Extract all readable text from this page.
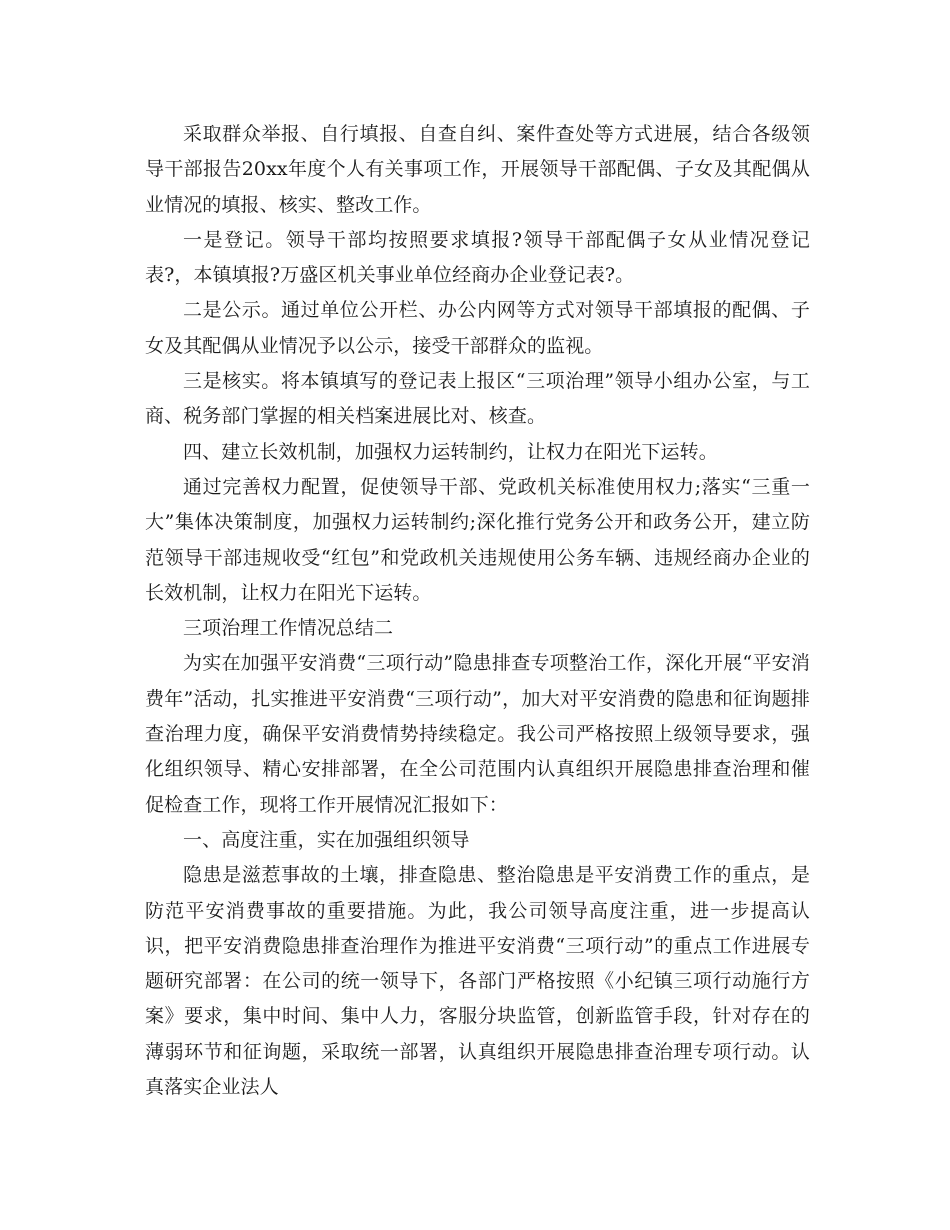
采取群众举报、自行填报、自查自纠、案件查处等方式进展，结合各级领导干部报告20xx年度个人有关事项工作，开展领导干部配偶、子女及其配偶从业情况的填报、核实、整改工作。

一是登记。领导干部均按照要求填报?领导干部配偶子女从业情况登记表?，本镇填报?万盛区机关事业单位经商办企业登记表?。

二是公示。通过单位公开栏、办公内网等方式对领导干部填报的配偶、子女及其配偶从业情况予以公示，接受干部群众的监视。

三是核实。将本镇填写的登记表上报区“三项治理”领导小组办公室，与工商、税务部门掌握的相关档案进展比对、核查。

四、建立长效机制，加强权力运转制约，让权力在阳光下运转。

通过完善权力配置，促使领导干部、党政机关标准使用权力;落实“三重一大”集体决策制度，加强权力运转制约;深化推行党务公开和政务公开，建立防范领导干部违规收受“红包”和党政机关违规使用公务车辆、违规经商办企业的长效机制，让权力在阳光下运转。

三项治理工作情况总结二

为实在加强平安消费“三项行动”隐患排查专项整治工作，深化开展“平安消费年”活动，扎实推进平安消费“三项行动”，加大对平安消费的隐患和征询题排查治理力度，确保平安消费情势持续稳定。我公司严格按照上级领导要求，强化组织领导、精心安排部署，在全公司范围内认真组织开展隐患排查治理和催促检查工作，现将工作开展情况汇报如下：

一、高度注重，实在加强组织领导

隐患是滋惹事故的土壤，排查隐患、整治隐患是平安消费工作的重点，是防范平安消费事故的重要措施。为此，我公司领导高度注重，进一步提高认识，把平安消费隐患排查治理作为推进平安消费“三项行动”的重点工作进展专题研究部署：在公司的统一领导下，各部门严格按照《小纪镇三项行动施行方案》要求，集中时间、集中人力，客服分块监管，创新监管手段，针对存在的薄弱环节和征询题，采取统一部署，认真组织开展隐患排查治理专项行动。认真落实企业法人
